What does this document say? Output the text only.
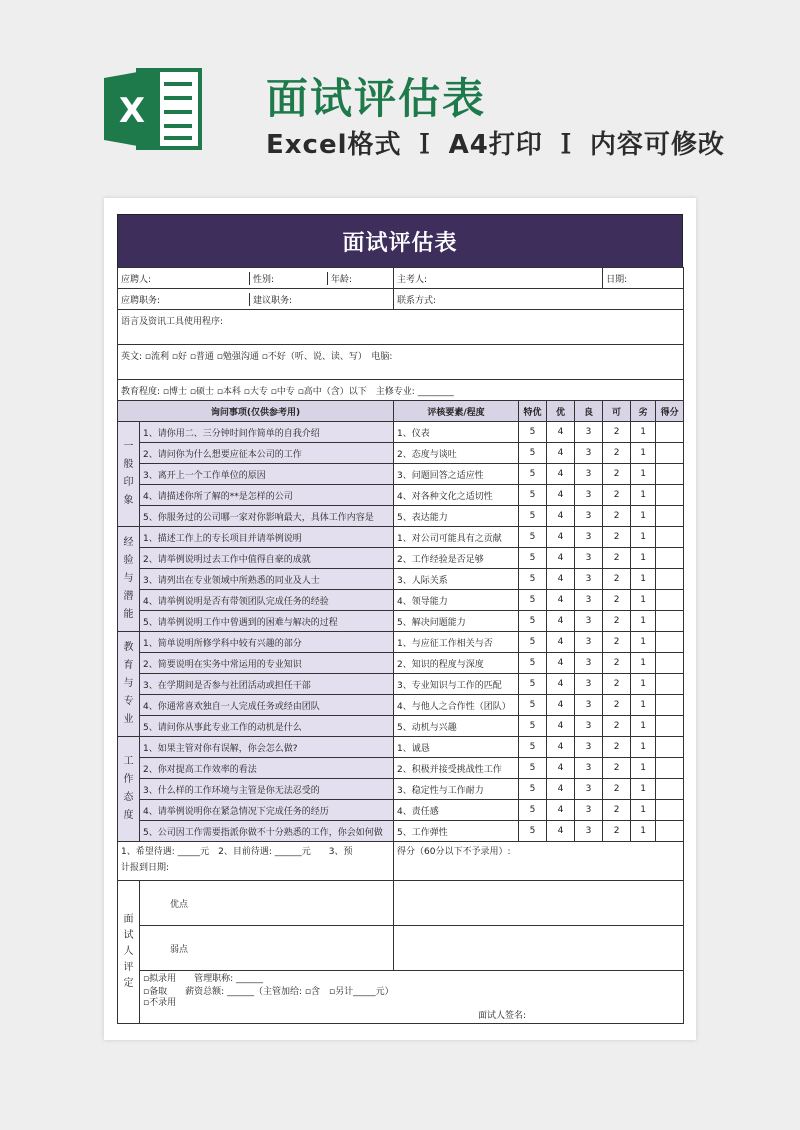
X	面试评估表
Excel格式 Ｉ A4打印 Ｉ 内容可修改
面试评估表
应聘人: 性别: 年龄:		主考人:				日期:		

应聘职务: 建议职务:		联系方式:						
语言及资讯工具使用程序:								
英文: ▫流利 ▫好 ▫普通 ▫勉强沟通 ▫不好（听、说、读、写）　电脑:								
教育程度: ▫博士 ▫硕士 ▫本科 ▫大专 ▫中专 ▫高中（含）以下　主修专业: ________								
询问事项(仅供参考用)		评核要素/程度	特优	优	良	可	劣	得分

一般印象	1、请你用二、三分钟时间作简单的自我介绍	1、仪表	5	4	3	2	1	
	2、请问你为什么想要应征本公司的工作	2、态度与谈吐	5	4	3	2	1	
	3、离开上一个工作单位的原因	3、问题回答之适应性	5	4	3	2	1	
	4、请描述你所了解的**是怎样的公司	4、对各种文化之适切性	5	4	3	2	1	
	5、你服务过的公司哪一家对你影响最大，具体工作内容是	5、表达能力	5	4	3	2	1	

经验与潜能	1、描述工作上的专长项目并请举例说明	1、对公司可能具有之贡献	5	4	3	2	1	
	2、请举例说明过去工作中值得自豪的成就	2、工作经验是否足够	5	4	3	2	1	
	3、请列出在专业领域中所熟悉的同业及人士	3、人际关系	5	4	3	2	1	
	4、请举例说明是否有带领团队完成任务的经验	4、领导能力	5	4	3	2	1	
	5、请举例说明工作中曾遇到的困难与解决的过程	5、解决问题能力	5	4	3	2	1	

教育与专业	1、简单说明所修学科中较有兴趣的部分	1、与应征工作相关与否	5	4	3	2	1	
	2、简要说明在实务中常运用的专业知识	2、知识的程度与深度	5	4	3	2	1	
	3、在学期间是否参与社团活动或担任干部	3、专业知识与工作的匹配	5	4	3	2	1	
	4、你通常喜欢独自一人完成任务或经由团队	4、与他人之合作性（团队）	5	4	3	2	1	
	5、请问你从事此专业工作的动机是什么	5、动机与兴趣	5	4	3	2	1	

工作态度	1、如果主管对你有误解，你会怎么做?	1、诚恳	5	4	3	2	1	
	2、你对提高工作效率的看法	2、积极并接受挑战性工作	5	4	3	2	1	
	3、什么样的工作环境与主管是你无法忍受的	3、稳定性与工作耐力	5	4	3	2	1	
	4、请举例说明你在紧急情况下完成任务的经历	4、责任感	5	4	3	2	1	
	5、公司因工作需要指派你做不十分熟悉的工作，你会如何做	5、工作弹性	5	4	3	2	1	

1、希望待遇: _____元　2、目前待遇: ______元　　3、预
计报到日期:		得分（60分以下不予录用）:						

面试人评定	优点							
	弱点							
	▫拟录用　　管理职称: ______							
	▫备取　　薪资总额: ______（主管加给: ▫含　▫另计_____元）							

	▫不录用
面试人签名:							
